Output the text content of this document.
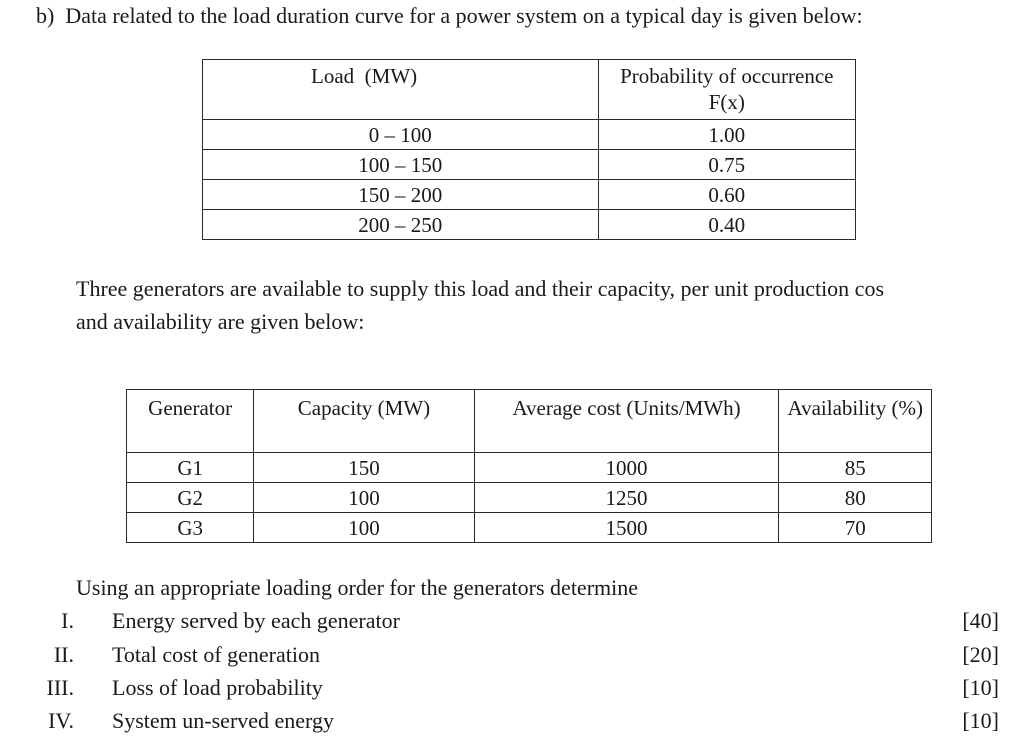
b)  Data related to the load duration curve for a power system on a typical day is given below:
Load  (MW)	Probability of occurrence F(x)
0 – 100	1.00
100 – 150	0.75
150 – 200	0.60
200 – 250	0.40
Three generators are available to supply this load and their capacity, per unit production cos
and availability are given below:
Generator	Capacity (MW)	Average cost (Units/MWh)	Availability (%)
G1	150	1000	85
G2	100	1250	80
G3	100	1500	70
Using an appropriate loading order for the generators determine
I. Energy served by each generator	[40]
II. Total cost of generation	[20]
III. Loss of load probability	[10]
IV. System un-served energy	[10]
